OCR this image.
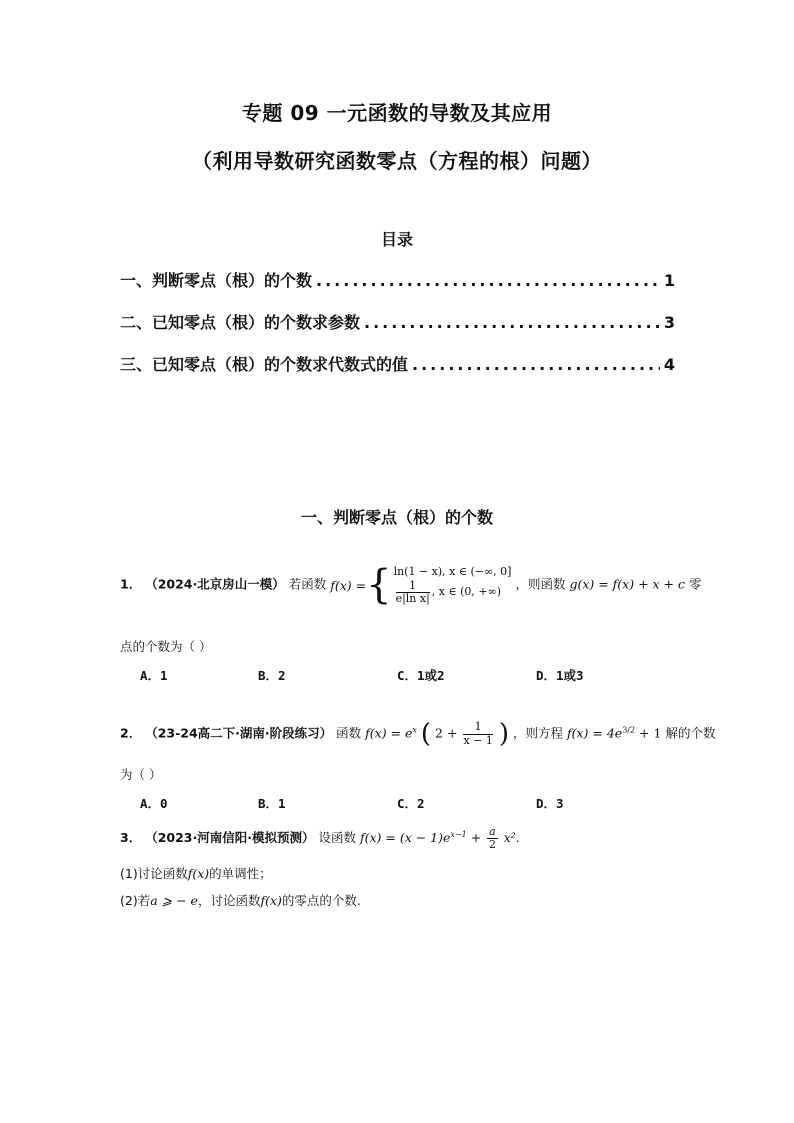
专题 09 一元函数的导数及其应用
（利用导数研究函数零点（方程的根）问题）
目录
一、判断零点（根）的个数 .....	1
二、已知零点（根）的个数求参数 .....	3
三、已知零点（根）的个数求代数式的值 .....	4
一、判断零点（根）的个数
1． （2024·北京房山一模） 若函数 f(x) = { ln(1 − x), x ∈ (−∞, 0]
$\frac{1}{\text{e|ln x|}}$ , x ∈ (0, +∞) ，则函数 g(x) = f(x) + x + c 零
点的个数为（ ）
A．1	B．2	C．1或2	D．1或3
2． （23-24高二下·湖南·阶段练习） 函数 $f(x) = e^x$ ( $2 + \frac{1}{x - 1}$ ) ，则方程 $f(x) = 4e^{3/2} + 1$ 解的个数
为（ ）
A．0	B．1	C．2	D．3
3． （2023·河南信阳·模拟预测） 设函数 $f(x) = (x - 1)e^{x-1} + \frac{a}{2} x^2$.
(1)讨论函数f(x)的单调性；
(2)若a ⩾ − e，讨论函数f(x)的零点的个数.
